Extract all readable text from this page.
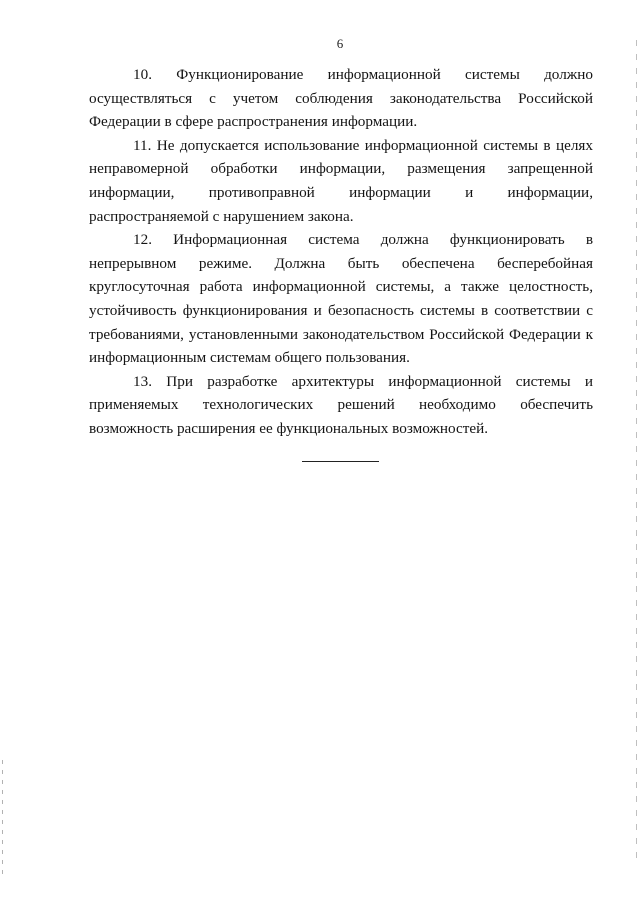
6

10. Функционирование информационной системы должно осуществляться с учетом соблюдения законодательства Российской Федерации в сфере распространения информации.

11. Не допускается использование информационной системы в целях неправомерной обработки информации, размещения запрещенной информации, противоправной информации и информации, распространяемой с нарушением закона.

12. Информационная система должна функционировать в непрерывном режиме. Должна быть обеспечена бесперебойная круглосуточная работа информационной системы, а также целостность, устойчивость функционирования и безопасность системы в соответствии с требованиями, установленными законодательством Российской Федерации к информационным системам общего пользования.

13. При разработке архитектуры информационной системы и применяемых технологических решений необходимо обеспечить возможность расширения ее функциональных возможностей.
